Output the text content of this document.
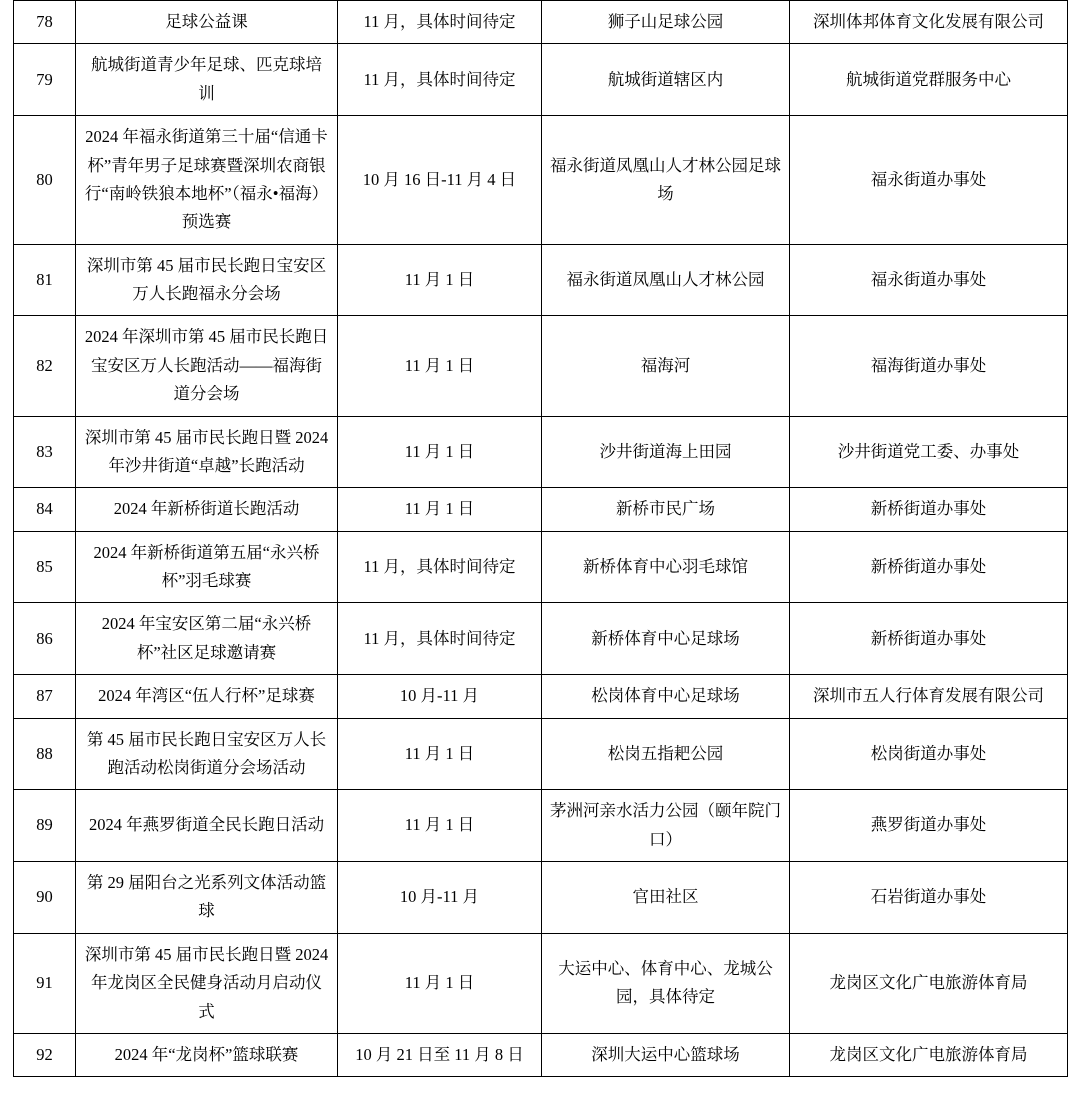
78	足球公益课	11 月，具体时间待定	狮子山足球公园	深圳体邦体育文化发展有限公司
79	航城街道青少年足球、匹克球培训	11 月，具体时间待定	航城街道辖区内	航城街道党群服务中心
80	2024 年福永街道第三十届“信通卡杯”青年男子足球赛暨深圳农商银行“南岭铁狼本地杯”（福永•福海）预选赛	10 月 16 日-11 月 4 日	福永街道凤凰山人才林公园足球场	福永街道办事处
81	深圳市第 45 届市民长跑日宝安区万人长跑福永分会场	11 月 1 日	福永街道凤凰山人才林公园	福永街道办事处
82	2024 年深圳市第 45 届市民长跑日宝安区万人长跑活动——福海街道分会场	11 月 1 日	福海河	福海街道办事处
83	深圳市第 45 届市民长跑日暨 2024 年沙井街道“卓越”长跑活动	11 月 1 日	沙井街道海上田园	沙井街道党工委、办事处
84	2024 年新桥街道长跑活动	11 月 1 日	新桥市民广场	新桥街道办事处
85	2024 年新桥街道第五届“永兴桥杯”羽毛球赛	11 月，具体时间待定	新桥体育中心羽毛球馆	新桥街道办事处
86	2024 年宝安区第二届“永兴桥杯”社区足球邀请赛	11 月，具体时间待定	新桥体育中心足球场	新桥街道办事处
87	2024 年湾区“伍人行杯”足球赛	10 月-11 月	松岗体育中心足球场	深圳市五人行体育发展有限公司
88	第 45 届市民长跑日宝安区万人长跑活动松岗街道分会场活动	11 月 1 日	松岗五指耙公园	松岗街道办事处
89	2024 年燕罗街道全民长跑日活动	11 月 1 日	茅洲河亲水活力公园（颐年院门口）	燕罗街道办事处
90	第 29 届阳台之光系列文体活动篮球	10 月-11 月	官田社区	石岩街道办事处
91	深圳市第 45 届市民长跑日暨 2024 年龙岗区全民健身活动月启动仪式	11 月 1 日	大运中心、体育中心、龙城公园，具体待定	龙岗区文化广电旅游体育局
92	2024 年“龙岗杯”篮球联赛	10 月 21 日至 11 月 8 日	深圳大运中心篮球场	龙岗区文化广电旅游体育局
